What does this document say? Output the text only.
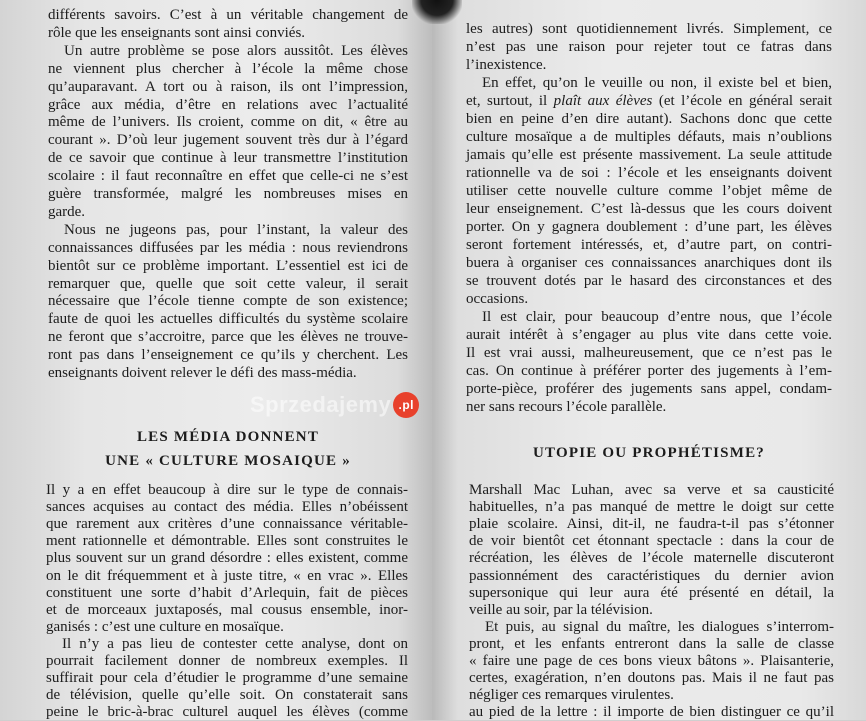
différents savoirs. C’est à un véritable changement de
rôle que les enseignants sont ainsi conviés.
Un autre problème se pose alors aussitôt. Les élèves
ne viennent plus chercher à l’école la même chose
qu’auparavant. A tort ou à raison, ils ont l’impression,
grâce aux média, d’être en relations avec l’actualité
même de l’univers. Ils croient, comme on dit, « être au
courant ». D’où leur jugement souvent très dur à l’égard
de ce savoir que continue à leur transmettre l’institution
scolaire : il faut reconnaître en effet que celle-ci ne s’est
guère transformée, malgré les nombreuses mises en
garde.
Nous ne jugeons pas, pour l’instant, la valeur des
connaissances diffusées par les média : nous reviendrons
bientôt sur ce problème important. L’essentiel est ici de
remarquer que, quelle que soit cette valeur, il serait
nécessaire que l’école tienne compte de son existence;
faute de quoi les actuelles difficultés du système scolaire
ne feront que s’accroitre, parce que les élèves ne trouve-
ront pas dans l’enseignement ce qu’ils y cherchent. Les
enseignants doivent relever le défi des mass-média.
LES MÉDIA DONNENT
UNE « CULTURE MOSAIQUE »
Il y a en effet beaucoup à dire sur le type de connais-
sances acquises au contact des média. Elles n’obéissent
que rarement aux critères d’une connaissance véritable-
ment rationnelle et démontrable. Elles sont construites le
plus souvent sur un grand désordre : elles existent, comme
on le dit fréquemment et à juste titre, « en vrac ». Elles
constituent une sorte d’habit d’Arlequin, fait de pièces
et de morceaux juxtaposés, mal cousus ensemble, inor-
ganisés : c’est une culture en mosaïque.
Il n’y a pas lieu de contester cette analyse, dont on
pourrait facilement donner de nombreux exemples. Il
suffirait pour cela d’étudier le programme d’une semaine
de télévision, quelle qu’elle soit. On constaterait sans
peine le bric-à-brac culturel auquel les élèves (comme
les autres) sont quotidiennement livrés. Simplement, ce
n’est pas une raison pour rejeter tout ce fatras dans
l’inexistence.
En effet, qu’on le veuille ou non, il existe bel et bien,
et, surtout, il plaît aux élèves (et l’école en général serait
bien en peine d’en dire autant). Sachons donc que cette
culture mosaïque a de multiples défauts, mais n’oublions
jamais qu’elle est présente massivement. La seule attitude
rationnelle va de soi : l’école et les enseignants doivent
utiliser cette nouvelle culture comme l’objet même de
leur enseignement. C’est là-dessus que les cours doivent
porter. On y gagnera doublement : d’une part, les élèves
seront fortement intéressés, et, d’autre part, on contri-
buera à organiser ces connaissances anarchiques dont ils
se trouvent dotés par le hasard des circonstances et des
occasions.
Il est clair, pour beaucoup d’entre nous, que l’école
aurait intérêt à s’engager au plus vite dans cette voie.
Il est vrai aussi, malheureusement, que ce n’est pas le
cas. On continue à préférer porter des jugements à l’em-
porte-pièce, proférer des jugements sans appel, condam-
ner sans recours l’école parallèle.
UTOPIE OU PROPHÉTISME?
Marshall Mac Luhan, avec sa verve et sa causticité
habituelles, n’a pas manqué de mettre le doigt sur cette
plaie scolaire. Ainsi, dit-il, ne faudra-t-il pas s’étonner
de voir bientôt cet étonnant spectacle : dans la cour de
récréation, les élèves de l’école maternelle discuteront
passionnément des caractéristiques du dernier avion
supersonique qui leur aura été présenté en détail, la
veille au soir, par la télévision.
Et puis, au signal du maître, les dialogues s’interrom-
pront, et les enfants entreront dans la salle de classe
« faire une page de ces bons vieux bâtons ». Plaisanterie,
certes, exagération, n’en doutons pas. Mais il ne faut pas
négliger ces remarques virulentes.
au pied de la lettre : il importe de bien distinguer ce qu’il
Sprzedajemy .pl
